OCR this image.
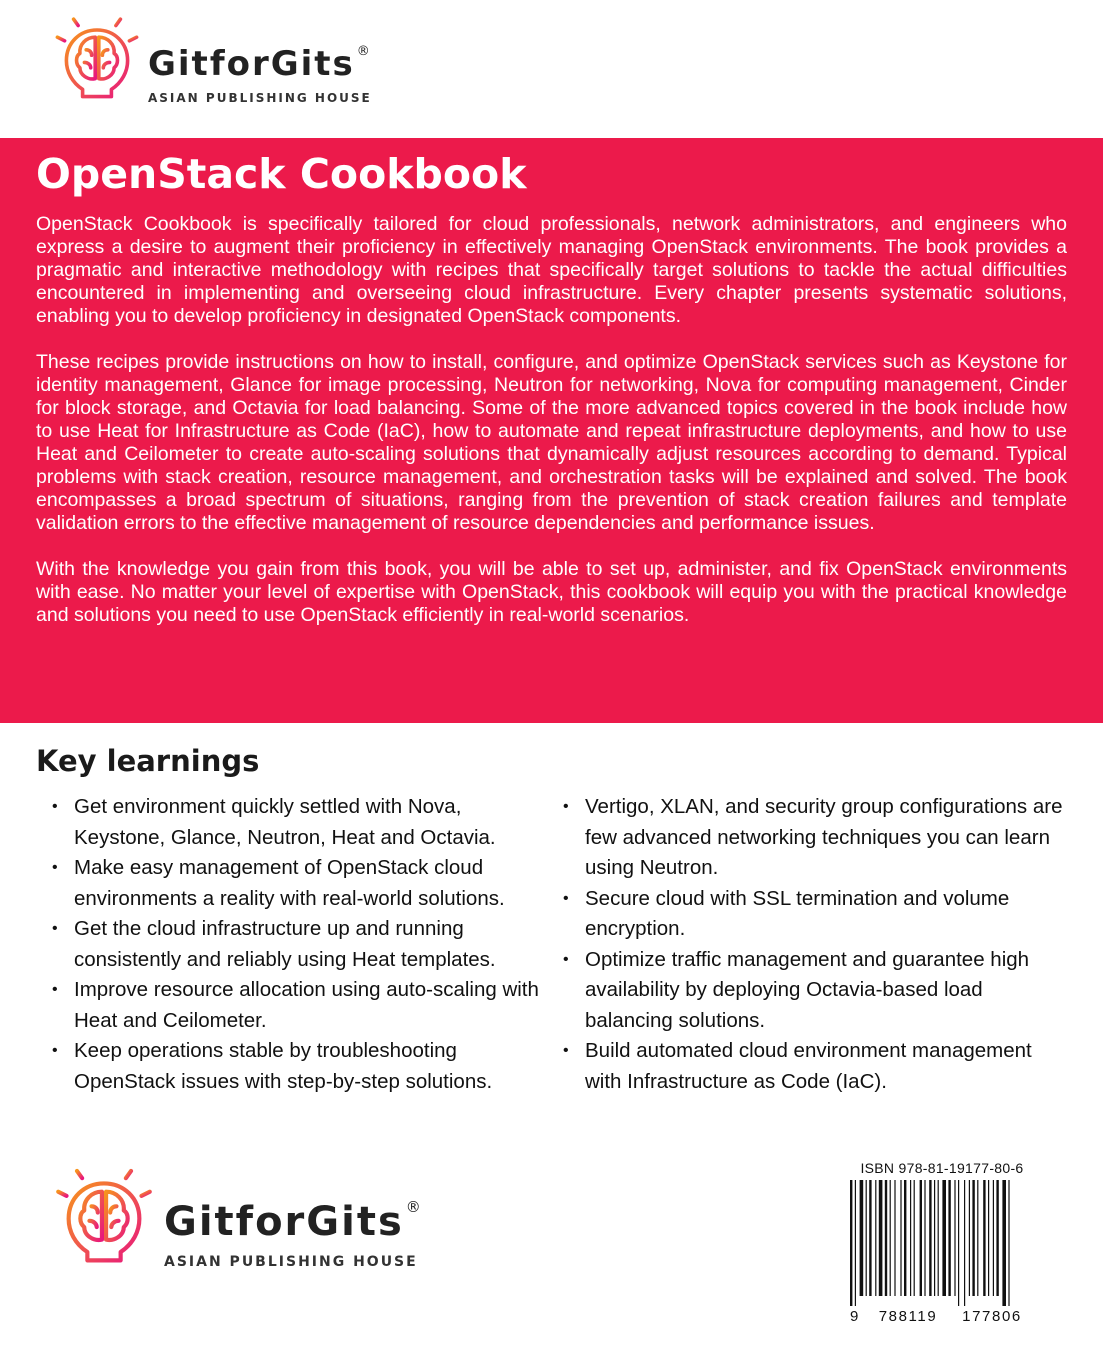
GitforGits ®
ASIAN PUBLISHING HOUSE
OpenStack Cookbook

OpenStack Cookbook is specifically tailored for cloud professionals, network administrators, and engineers who express a desire to augment their proficiency in effectively managing OpenStack environments. The book provides a pragmatic and interactive methodology with recipes that specifically target solutions to tackle the actual difficulties encountered in implementing and overseeing cloud infrastructure. Every chapter presents systematic solutions, enabling you to develop proficiency in designated OpenStack components.

These recipes provide instructions on how to install, configure, and optimize OpenStack services such as Keystone for identity management, Glance for image processing, Neutron for networking, Nova for computing management, Cinder for block storage, and Octavia for load balancing. Some of the more advanced topics covered in the book include how to use Heat for Infrastructure as Code (IaC), how to automate and repeat infrastructure deployments, and how to use Heat and Ceilometer to create auto-scaling solutions that dynamically adjust resources according to demand. Typical problems with stack creation, resource management, and orchestration tasks will be explained and solved. The book encompasses a broad spectrum of situations, ranging from the prevention of stack creation failures and template validation errors to the effective management of resource dependencies and performance issues.

With the knowledge you gain from this book, you will be able to set up, administer, and fix OpenStack environments with ease. No matter your level of expertise with OpenStack, this cookbook will equip you with the practical knowledge and solutions you need to use OpenStack efficiently in real-world scenarios.

Key learnings
• Get environment quickly settled with Nova, Keystone, Glance, Neutron, Heat and Octavia.
• Make easy management of OpenStack cloud environments a reality with real-world solutions.
• Get the cloud infrastructure up and running consistently and reliably using Heat templates.
• Improve resource allocation using auto-scaling with Heat and Ceilometer.
• Keep operations stable by troubleshooting OpenStack issues with step-by-step solutions.
• Vertigo, XLAN, and security group configurations are few advanced networking techniques you can learn using Neutron.
• Secure cloud with SSL termination and volume encryption.
• Optimize traffic management and guarantee high availability by deploying Octavia-based load balancing solutions.
• Build automated cloud environment management with Infrastructure as Code (IaC).
GitforGits ®
ASIAN PUBLISHING HOUSE
ISBN 978-81-19177-80-6
9	788119	177806
